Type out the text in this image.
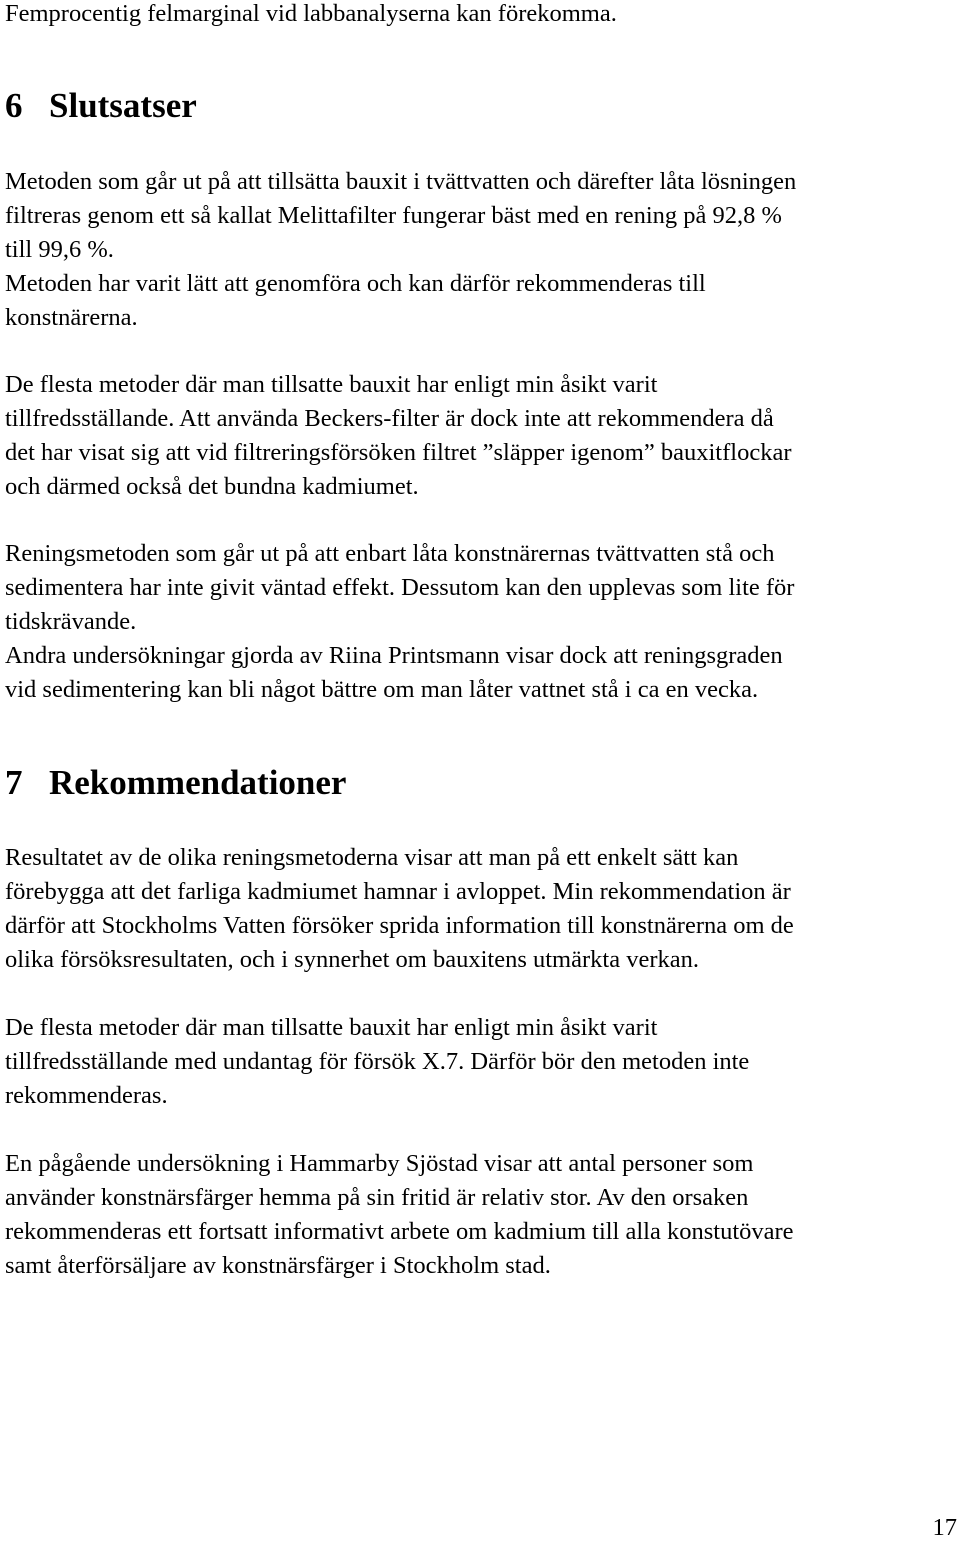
Femprocentig felmarginal vid labbanalyserna kan förekomma.

6 Slutsatser
Metoden som går ut på att tillsätta bauxit i tvättvatten och därefter låta lösningen
filtreras genom ett så kallat Melittafilter fungerar bäst med en rening på 92,8 %
till 99,6 %.
Metoden har varit lätt att genomföra och kan därför rekommenderas till
konstnärerna.
De flesta metoder där man tillsatte bauxit har enligt min åsikt varit
tillfredsställande. Att använda Beckers-filter är dock inte att rekommendera då
det har visat sig att vid filtreringsförsöken filtret ”släpper igenom” bauxitflockar
och därmed också det bundna kadmiumet.
Reningsmetoden som går ut på att enbart låta konstnärernas tvättvatten stå och
sedimentera har inte givit väntad effekt. Dessutom kan den upplevas som lite för
tidskrävande.
Andra undersökningar gjorda av Riina Printsmann visar dock att reningsgraden
vid sedimentering kan bli något bättre om man låter vattnet stå i ca en vecka.
7 Rekommendationer
Resultatet av de olika reningsmetoderna visar att man på ett enkelt sätt kan
förebygga att det farliga kadmiumet hamnar i avloppet. Min rekommendation är
därför att Stockholms Vatten försöker sprida information till konstnärerna om de
olika försöksresultaten, och i synnerhet om bauxitens utmärkta verkan.
De flesta metoder där man tillsatte bauxit har enligt min åsikt varit
tillfredsställande med undantag för försök X.7. Därför bör den metoden inte
rekommenderas.
En pågående undersökning i Hammarby Sjöstad visar att antal personer som
använder konstnärsfärger hemma på sin fritid är relativ stor. Av den orsaken
rekommenderas ett fortsatt informativt arbete om kadmium till alla konstutövare
samt återförsäljare av konstnärsfärger i Stockholm stad.
17
